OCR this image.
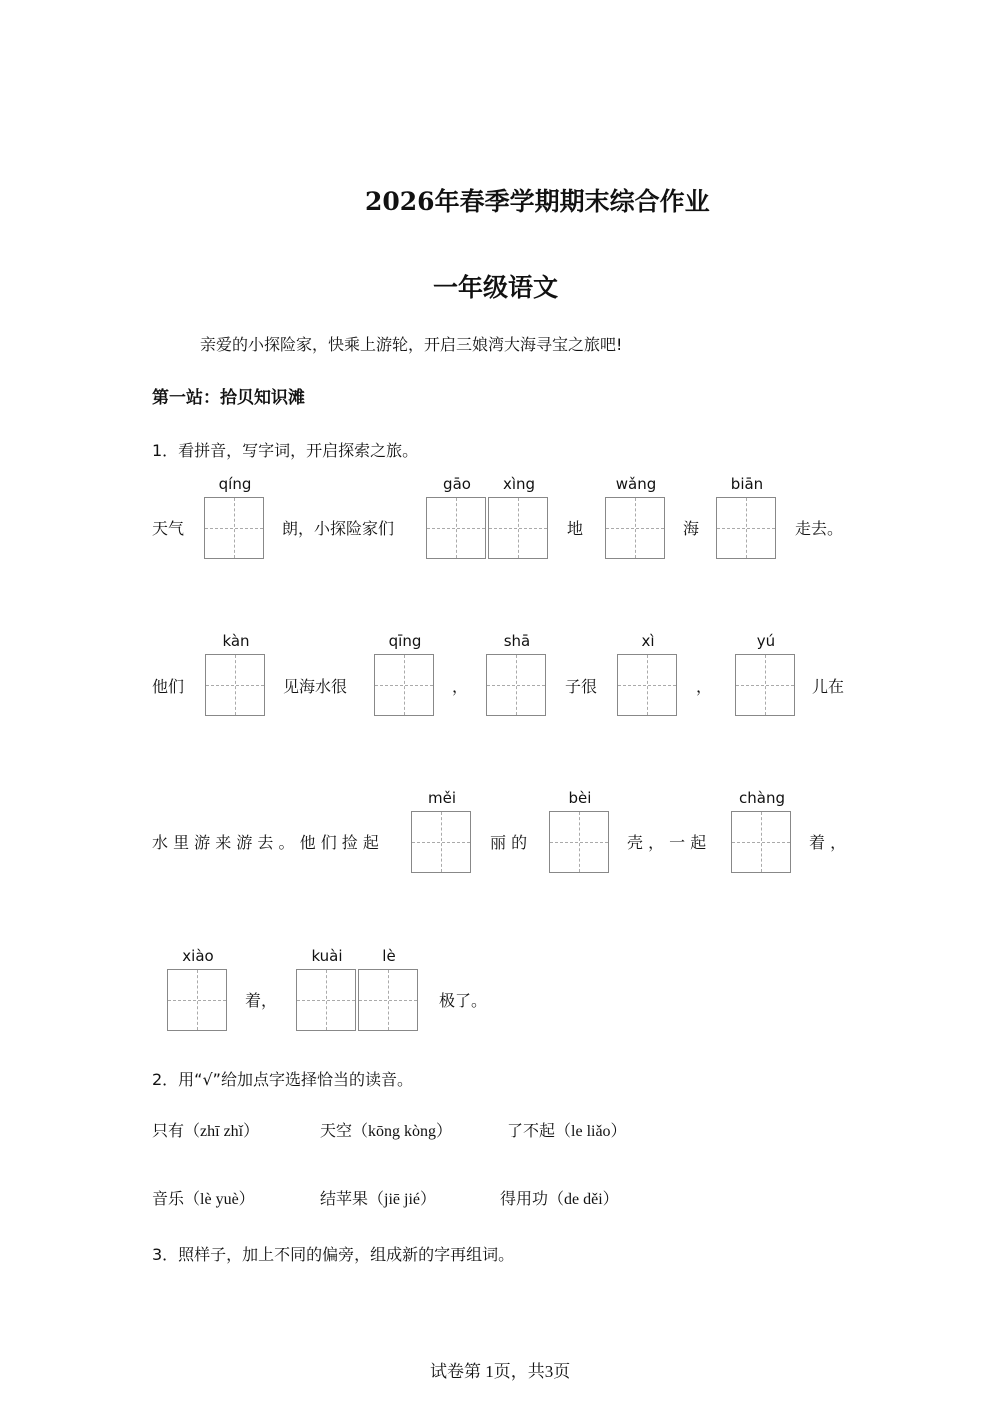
2026年春季学期期末综合作业
一年级语文
亲爱的小探险家，快乘上游轮，开启三娘湾大海寻宝之旅吧!
第一站：拾贝知识滩
1．看拼音，写字词，开启探索之旅。
天气
qíng
朗，小探险家们
gāo	xìng
地
wǎng
海
biān
走去。
他们
kàn
见海水很
qīng
，
shā
子很
xì
，
yú
儿在
水 里 游 来 游 去 。 他 们 捡 起
měi
丽 的
bèi
壳 ， 一 起
chàng
着 ，
xiào
着，
kuài	lè
极了。
2．用“√”给加点字选择恰当的读音。
只有（zhī zhǐ）	天空（kōng kòng）	了不起（le liǎo）
音乐（lè yuè）	结苹果（jiē jié）	得用功（de děi）
3．照样子，加上不同的偏旁，组成新的字再组词。
试卷第 1页，共3页
